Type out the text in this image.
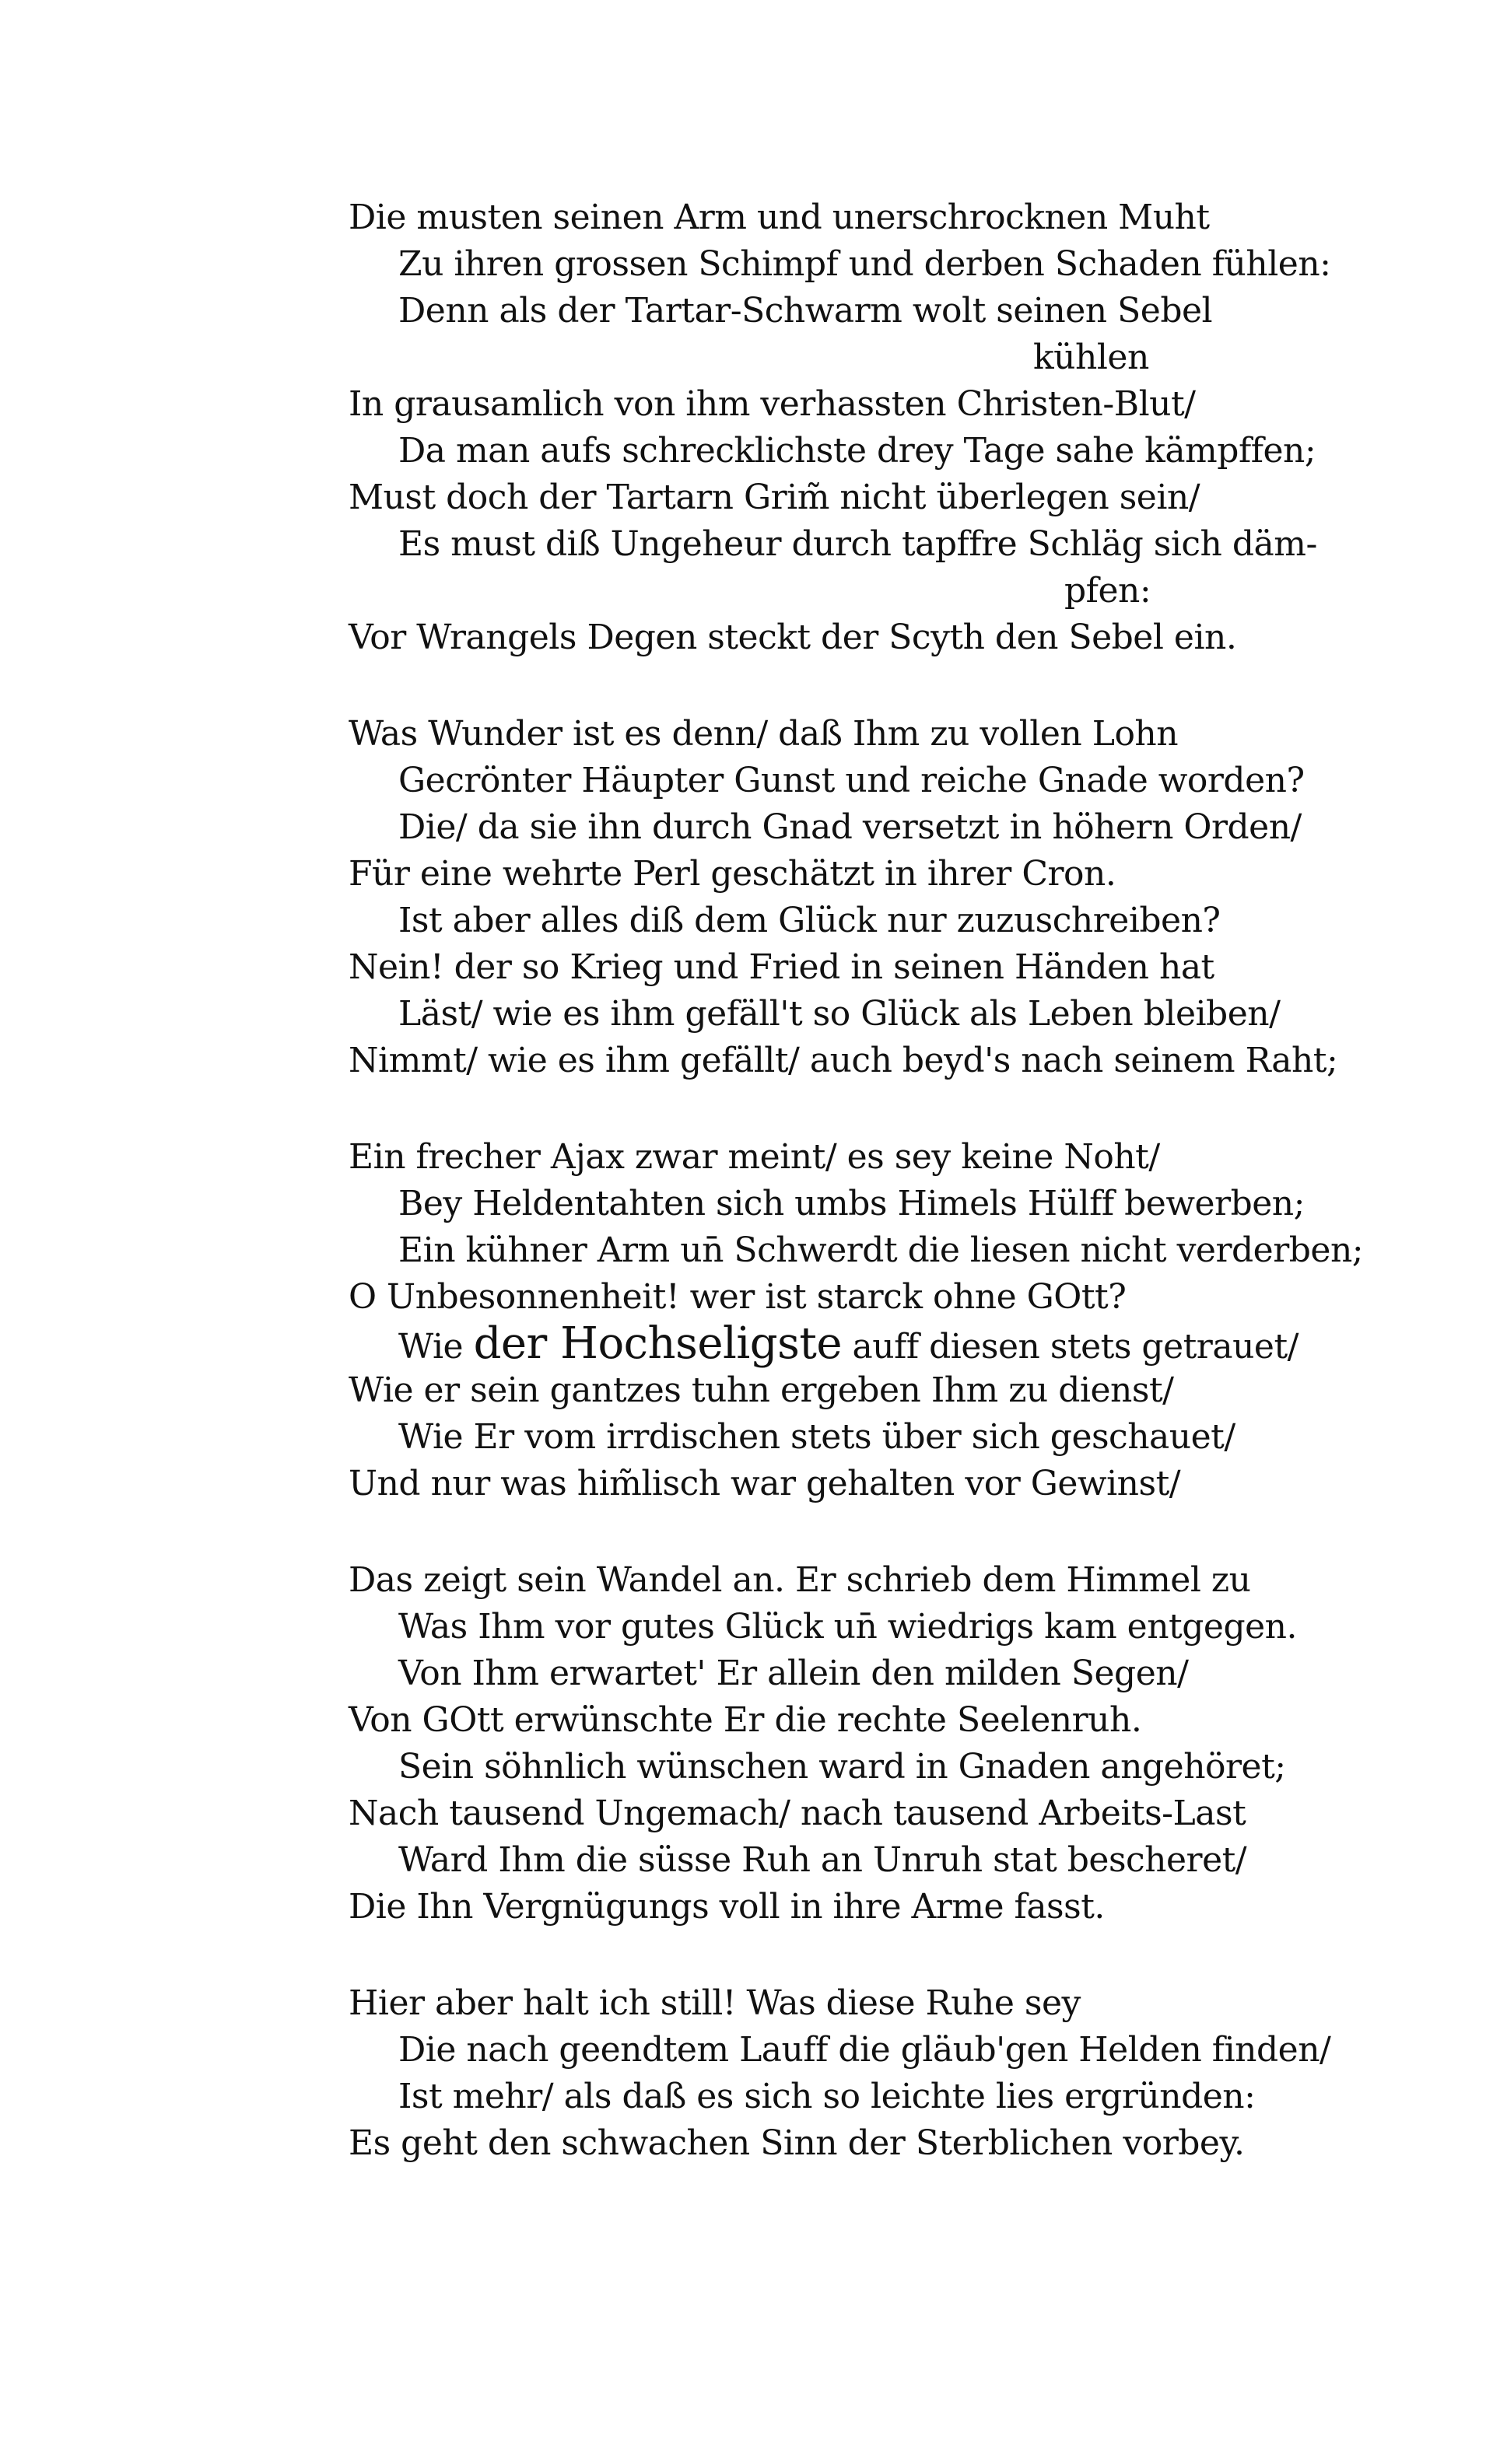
Die musten seinen Arm und unerschrocknen Muht
Zu ihren grossen Schimpf und derben Schaden fühlen:
Denn als der Tartar-Schwarm wolt seinen Sebel
kühlen
In grausamlich von ihm verhassten Christen-Blut/
Da man aufs schrecklichste drey Tage sahe kämpffen;
Must doch der Tartarn Grim̃ nicht überlegen sein/
Es must diß Ungeheur durch tapffre Schläg sich däm-
pfen:
Vor Wrangels Degen steckt der Scyth den Sebel ein.
Was Wunder ist es denn/ daß Ihm zu vollen Lohn
Gecrönter Häupter Gunst und reiche Gnade worden?
Die/ da sie ihn durch Gnad versetzt in höhern Orden/
Für eine wehrte Perl geschätzt in ihrer Cron.
Ist aber alles diß dem Glück nur zuzuschreiben?
Nein! der so Krieg und Fried in seinen Händen hat
Läst/ wie es ihm gefäll't so Glück als Leben bleiben/
Nimmt/ wie es ihm gefällt/ auch beyd's nach seinem Raht;
Ein frecher Ajax zwar meint/ es sey keine Noht/
Bey Heldentahten sich umbs Himels Hülff bewerben;
Ein kühner Arm un̄ Schwerdt die liesen nicht verderben;
O Unbesonnenheit! wer ist starck ohne GOtt?
Wie der Hochseligste auff diesen stets getrauet/
Wie er sein gantzes tuhn ergeben Ihm zu dienst/
Wie Er vom irrdischen stets über sich geschauet/
Und nur was him̃lisch war gehalten vor Gewinst/
Das zeigt sein Wandel an. Er schrieb dem Himmel zu
Was Ihm vor gutes Glück un̄ wiedrigs kam entgegen.
Von Ihm erwartet' Er allein den milden Segen/
Von GOtt erwünschte Er die rechte Seelenruh.
Sein söhnlich wünschen ward in Gnaden angehöret;
Nach tausend Ungemach/ nach tausend Arbeits-Last
Ward Ihm die süsse Ruh an Unruh stat bescheret/
Die Ihn Vergnügungs voll in ihre Arme fasst.
Hier aber halt ich still! Was diese Ruhe sey
Die nach geendtem Lauff die gläub'gen Helden finden/
Ist mehr/ als daß es sich so leichte lies ergründen:
Es geht den schwachen Sinn der Sterblichen vorbey.
